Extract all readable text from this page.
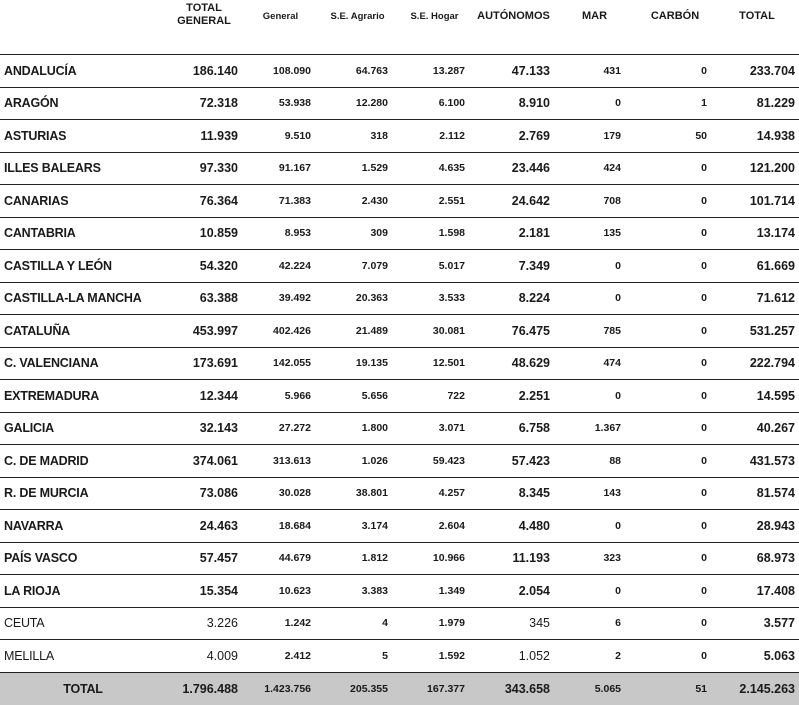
	TOTAL GENERAL	General	S.E. Agrario	S.E. Hogar	AUTÓNOMOS	MAR	CARBÓN	TOTAL
ANDALUCÍA	186.140	108.090	64.763	13.287	47.133	431	0	233.704
ARAGÓN	72.318	53.938	12.280	6.100	8.910	0	1	81.229
ASTURIAS	11.939	9.510	318	2.112	2.769	179	50	14.938
ILLES BALEARS	97.330	91.167	1.529	4.635	23.446	424	0	121.200
CANARIAS	76.364	71.383	2.430	2.551	24.642	708	0	101.714
CANTABRIA	10.859	8.953	309	1.598	2.181	135	0	13.174
CASTILLA Y LEÓN	54.320	42.224	7.079	5.017	7.349	0	0	61.669
CASTILLA-LA MANCHA	63.388	39.492	20.363	3.533	8.224	0	0	71.612
CATALUÑA	453.997	402.426	21.489	30.081	76.475	785	0	531.257
C. VALENCIANA	173.691	142.055	19.135	12.501	48.629	474	0	222.794
EXTREMADURA	12.344	5.966	5.656	722	2.251	0	0	14.595
GALICIA	32.143	27.272	1.800	3.071	6.758	1.367	0	40.267
C. DE MADRID	374.061	313.613	1.026	59.423	57.423	88	0	431.573
R. DE MURCIA	73.086	30.028	38.801	4.257	8.345	143	0	81.574
NAVARRA	24.463	18.684	3.174	2.604	4.480	0	0	28.943
PAÍS VASCO	57.457	44.679	1.812	10.966	11.193	323	0	68.973
LA RIOJA	15.354	10.623	3.383	1.349	2.054	0	0	17.408
CEUTA	3.226	1.242	4	1.979	345	6	0	3.577
MELILLA	4.009	2.412	5	1.592	1.052	2	0	5.063
TOTAL	1.796.488	1.423.756	205.355	167.377	343.658	5.065	51	2.145.263
